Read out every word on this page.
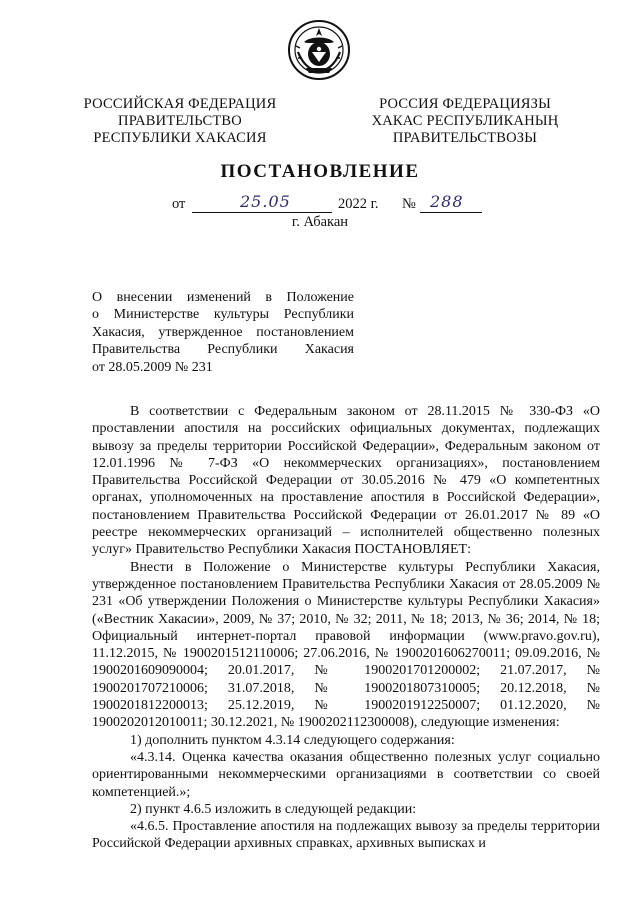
РОССИЙСКАЯ ФЕДЕРАЦИЯ
ПРАВИТЕЛЬСТВО
РЕСПУБЛИКИ ХАКАСИЯ
РОССИЯ ФЕДЕРАЦИЯЗЫ
ХАКАС РЕСПУБЛИКАНЫҢ
ПРАВИТЕЛЬСТВОЗЫ
ПОСТАНОВЛЕНИЕ
от	25.05	2022 г. № 288
г. Абакан
О внесении изменений в Положение
о Министерстве культуры Республики
Хакасия, утвержденное постановлением
Правительства Республики Хакасия
от 28.05.2009 № 231

В соответствии с Федеральным законом от 28.11.2015 № 330-ФЗ «О проставлении апостиля на российских официальных документах, подлежащих вывозу за пределы территории Российской Федерации», Федеральным законом от 12.01.1996 № 7-ФЗ «О некоммерческих организациях», постановлением Правительства Российской Федерации от 30.05.2016 № 479 «О компетентных органах, уполномоченных на проставление апостиля в Российской Федерации», постановлением Правительства Российской Федерации от 26.01.2017 № 89 «О реестре некоммерческих организаций – исполнителей общественно полезных услуг» Правительство Республики Хакасия ПОСТАНОВЛЯЕТ:

Внести в Положение о Министерстве культуры Республики Хакасия, утвержденное постановлением Правительства Республики Хакасия от 28.05.2009 № 231 «Об утверждении Положения о Министерстве культуры Республики Хакасия» («Вестник Хакасии», 2009, № 37; 2010, № 32; 2011, № 18; 2013, № 36; 2014, № 18; Официальный интернет-портал правовой информации (www.pravo.gov.ru), 11.12.2015, № 1900201512110006; 27.06.2016, № 1900201606270011; 09.09.2016, № 1900201609090004; 20.01.2017, № 1900201701200002; 21.07.2017, № 1900201707210006; 31.07.2018, № 1900201807310005; 20.12.2018, № 1900201812200013; 25.12.2019, № 1900201912250007; 01.12.2020, № 1900202012010011; 30.12.2021, № 1900202112300008), следующие изменения:

1) дополнить пунктом 4.3.14 следующего содержания:

«4.3.14. Оценка качества оказания общественно полезных услуг социально ориентированными некоммерческими организациями в соответствии со своей компетенцией.»;

2) пункт 4.6.5 изложить в следующей редакции:

«4.6.5. Проставление апостиля на подлежащих вывозу за пределы территории Российской Федерации архивных справках, архивных выписках и
